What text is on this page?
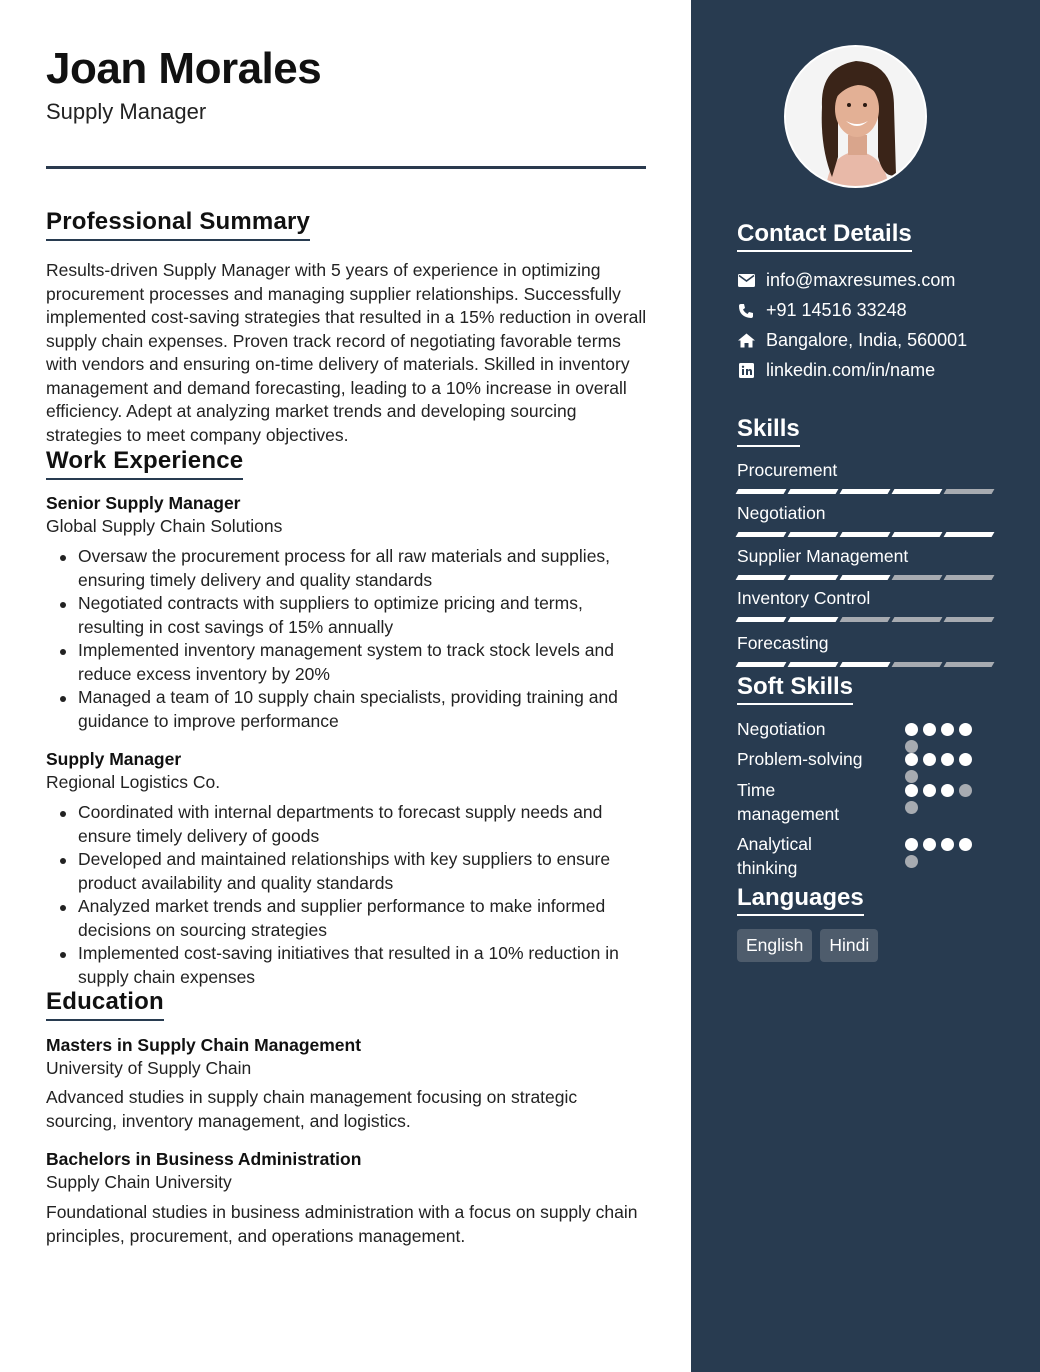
Joan Morales
Supply Manager
Professional Summary
Results-driven Supply Manager with 5 years of experience in optimizing procurement processes and managing supplier relationships. Successfully implemented cost-saving strategies that resulted in a 15% reduction in overall supply chain expenses. Proven track record of negotiating favorable terms with vendors and ensuring on-time delivery of materials. Skilled in inventory management and demand forecasting, leading to a 10% increase in overall efficiency. Adept at analyzing market trends and developing sourcing strategies to meet company objectives.
Work Experience
Senior Supply Manager
Global Supply Chain Solutions
Oversaw the procurement process for all raw materials and supplies, ensuring timely delivery and quality standards
Negotiated contracts with suppliers to optimize pricing and terms, resulting in cost savings of 15% annually
Implemented inventory management system to track stock levels and reduce excess inventory by 20%
Managed a team of 10 supply chain specialists, providing training and guidance to improve performance
Supply Manager
Regional Logistics Co.
Coordinated with internal departments to forecast supply needs and ensure timely delivery of goods
Developed and maintained relationships with key suppliers to ensure product availability and quality standards
Analyzed market trends and supplier performance to make informed decisions on sourcing strategies
Implemented cost-saving initiatives that resulted in a 10% reduction in supply chain expenses
Education
Masters in Supply Chain Management
University of Supply Chain
Advanced studies in supply chain management focusing on strategic sourcing, inventory management, and logistics.
Bachelors in Business Administration
Supply Chain University
Foundational studies in business administration with a focus on supply chain principles, procurement, and operations management.
Contact Details
info@maxresumes.com
+91 14516 33248
Bangalore, India, 560001
linkedin.com/in/name
Skills
Procurement
Negotiation
Supplier Management
Inventory Control
Forecasting
Soft Skills
Negotiation
Problem-solving
Time management
Analytical thinking
Languages
English	Hindi
